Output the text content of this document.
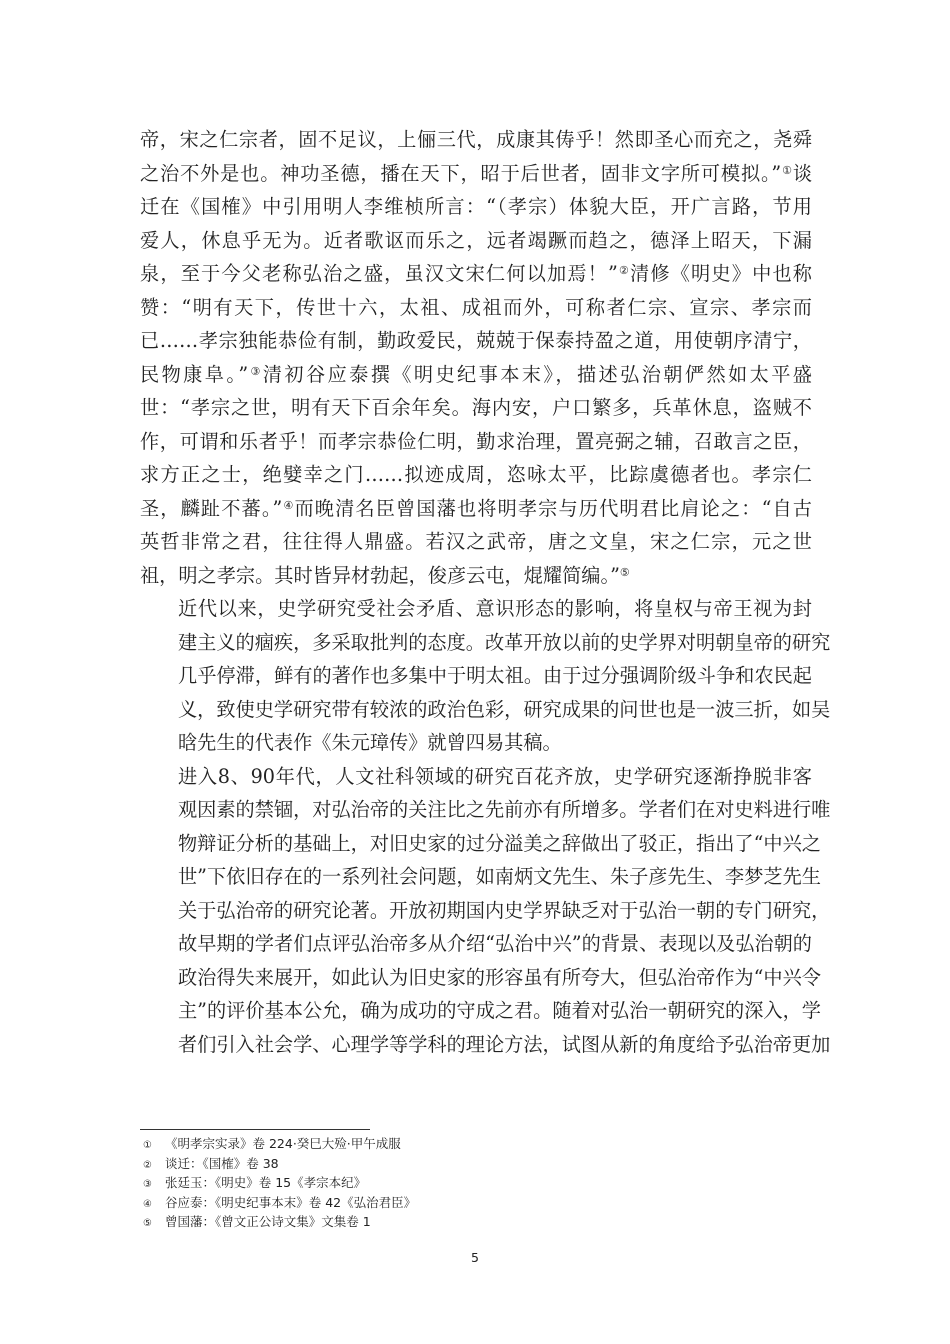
帝，宋之仁宗者，固不足议，上俪三代，成康其俦乎！然即圣心而充之，尧舜
之治不外是也。神功圣德，播在天下，昭于后世者，固非文字所可模拟。”①谈
迁在《国榷》中引用明人李维桢所言：“（孝宗）体貌大臣，开广言路，节用
爱人，休息乎无为。近者歌讴而乐之，远者竭蹶而趋之，德泽上昭天，下漏
泉，至于今父老称弘治之盛，虽汉文宋仁何以加焉！”②清修《明史》中也称
赞：“明有天下，传世十六，太祖、成祖而外，可称者仁宗、宣宗、孝宗而
已……孝宗独能恭俭有制，勤政爱民，兢兢于保泰持盈之道，用使朝序清宁，
民物康阜。”③清初谷应泰撰《明史纪事本末》，描述弘治朝俨然如太平盛
世：“孝宗之世，明有天下百余年矣。海内安，户口繁多，兵革休息，盗贼不
作，可谓和乐者乎！而孝宗恭俭仁明，勤求治理，置亮弼之辅，召敢言之臣，
求方正之士，绝嬖幸之门……拟迹成周，恣咏太平，比踪虞德者也。孝宗仁
圣，麟趾不蕃。”④而晚清名臣曾国藩也将明孝宗与历代明君比肩论之：“自古
英哲非常之君，往往得人鼎盛。若汉之武帝，唐之文皇，宋之仁宗，元之世
祖，明之孝宗。其时皆异材勃起，俊彦云屯，焜耀简编。”⑤
近代以来，史学研究受社会矛盾、意识形态的影响，将皇权与帝王视为封
建主义的痼疾，多采取批判的态度。改革开放以前的史学界对明朝皇帝的研究
几乎停滞，鲜有的著作也多集中于明太祖。由于过分强调阶级斗争和农民起
义，致使史学研究带有较浓的政治色彩，研究成果的问世也是一波三折，如吴
晗先生的代表作《朱元璋传》就曾四易其稿。
进入8、90年代，人文社科领域的研究百花齐放，史学研究逐渐挣脱非客
观因素的禁锢，对弘治帝的关注比之先前亦有所增多。学者们在对史料进行唯
物辩证分析的基础上，对旧史家的过分溢美之辞做出了驳正，指出了“中兴之
世”下依旧存在的一系列社会问题，如南炳文先生、朱子彦先生、李梦芝先生
关于弘治帝的研究论著。开放初期国内史学界缺乏对于弘治一朝的专门研究，
故早期的学者们点评弘治帝多从介绍“弘治中兴”的背景、表现以及弘治朝的
政治得失来展开，如此认为旧史家的形容虽有所夸大，但弘治帝作为“中兴令
主”的评价基本公允，确为成功的守成之君。随着对弘治一朝研究的深入，学
者们引入社会学、心理学等学科的理论方法，试图从新的角度给予弘治帝更加
① 《明孝宗实录》卷 224·癸巳大殓·甲午成服
② 谈迁：《国榷》卷 38
③ 张廷玉：《明史》卷 15《孝宗本纪》
④ 谷应泰：《明史纪事本末》卷 42《弘治君臣》
⑤ 曾国藩：《曾文正公诗文集》文集卷 1
5
